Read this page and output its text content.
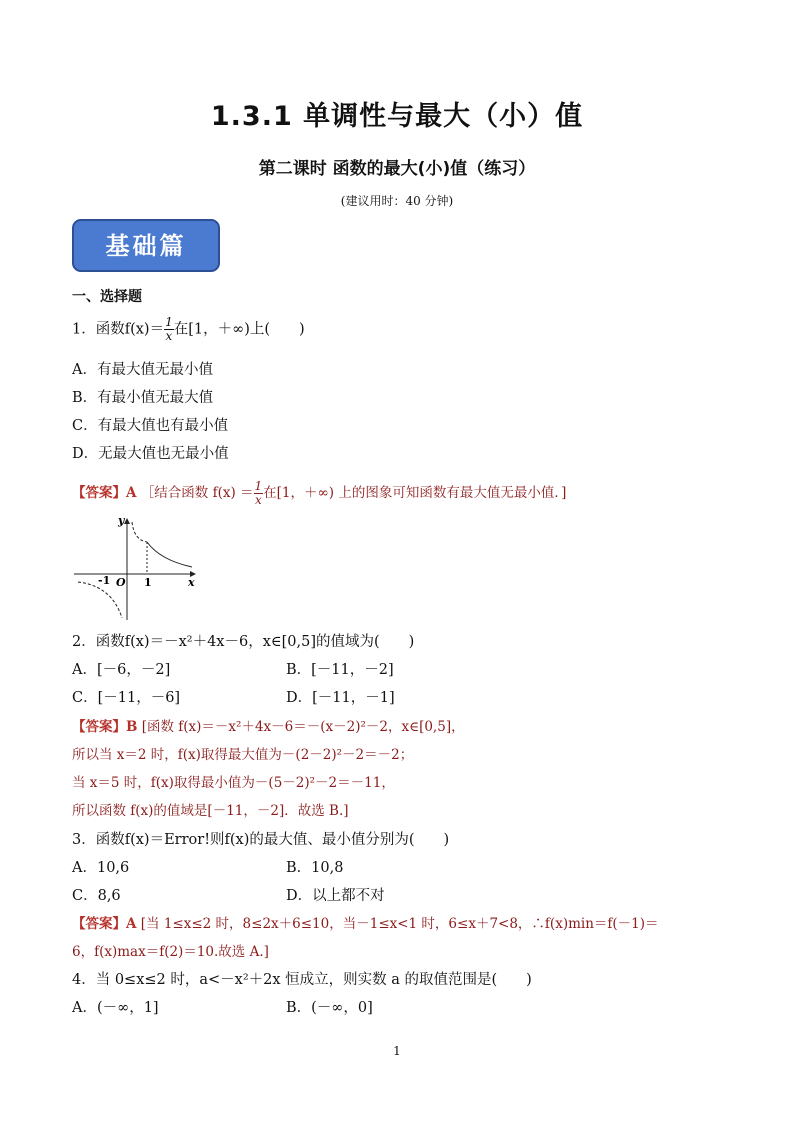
1.3.1 单调性与最大（小）值
第二课时 函数的最大(小)值（练习）
(建议用时：40 分钟)
基础篇
一、选择题
1．函数$f(x)= \frac{1}{x}$ 在[1，＋∞)上(　　)
A．有最大值无最小值
B．有最小值无最大值
C．有最大值也有最小值
D．无最大值也无最小值
【答案】A ［结合函数 $f(x) = \frac{1}{x}$ 在[1，＋∞) 上的图象可知函数有最大值无最小值．]
y
x
O
-1	1
2．函数f(x)＝－x²＋4x－6，x∈[0,5]的值域为(　　)
A．[－6，－2]	B．[－11，－2]
C．[－11，－6]	D．[－11，－1]
【答案】B [函数 f(x)＝－x²＋4x－6＝－(x－2)²－2，x∈[0,5]，
所以当 x＝2 时，f(x)取得最大值为－(2－2)²－2＝－2；
当 x＝5 时，f(x)取得最小值为－(5－2)²－2＝－11，
所以函数 f(x)的值域是[－11，－2]．故选 B.]
3．函数f(x)＝Error!则f(x)的最大值、最小值分别为(　　)
A．10,6	B．10,8
C．8,6	D．以上都不对
【答案】A [当 1≤x≤2 时，8≤2x＋6≤10，当－1≤x<1 时，6≤x＋7<8，∴f(x)min＝f(－1)＝
6，f(x)max＝f(2)＝10.故选 A.]
4．当 0≤x≤2 时，a<－x²＋2x 恒成立，则实数 a 的取值范围是(　　)
A．(－∞，1]	B．(－∞，0]
1
